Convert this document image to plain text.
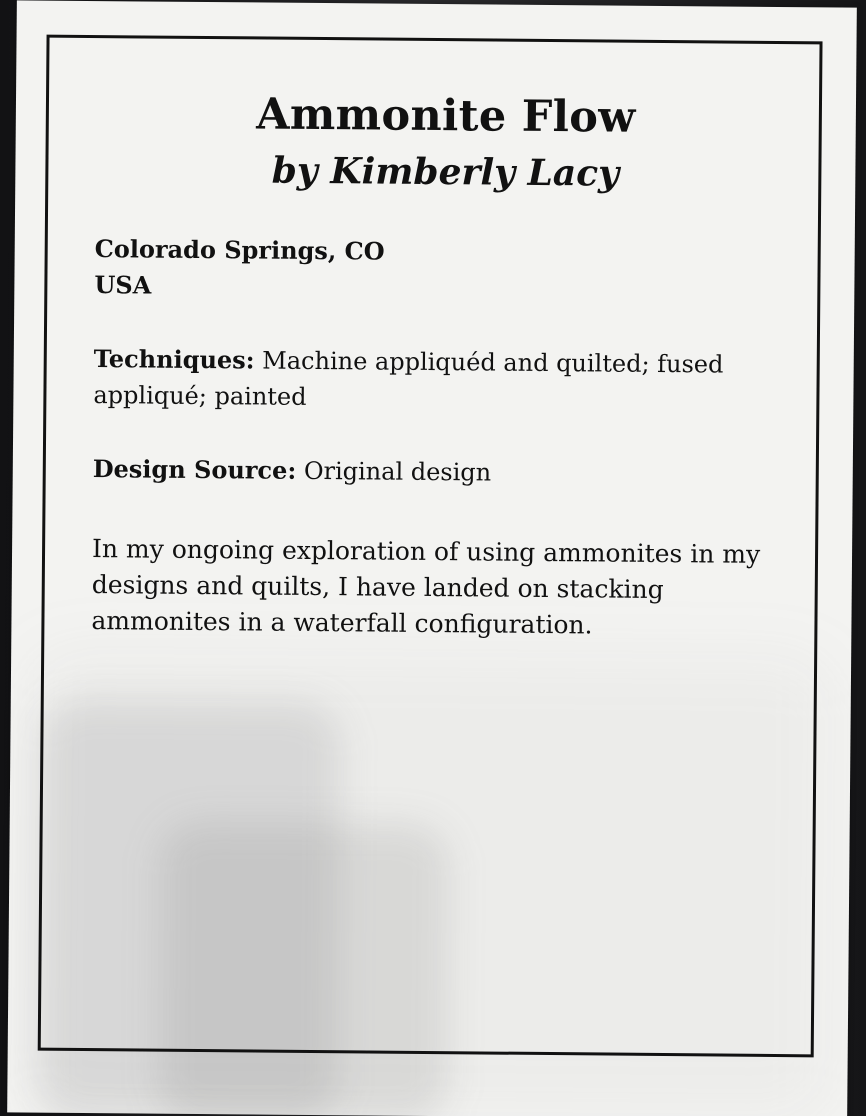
Ammonite Flow
by Kimberly Lacy
Colorado Springs, CO
USA
Techniques: Machine appliquéd and quilted; fused appliqué; painted
Design Source: Original design
In my ongoing exploration of using ammonites in my designs and quilts, I have landed on stacking ammonites in a waterfall configuration.
